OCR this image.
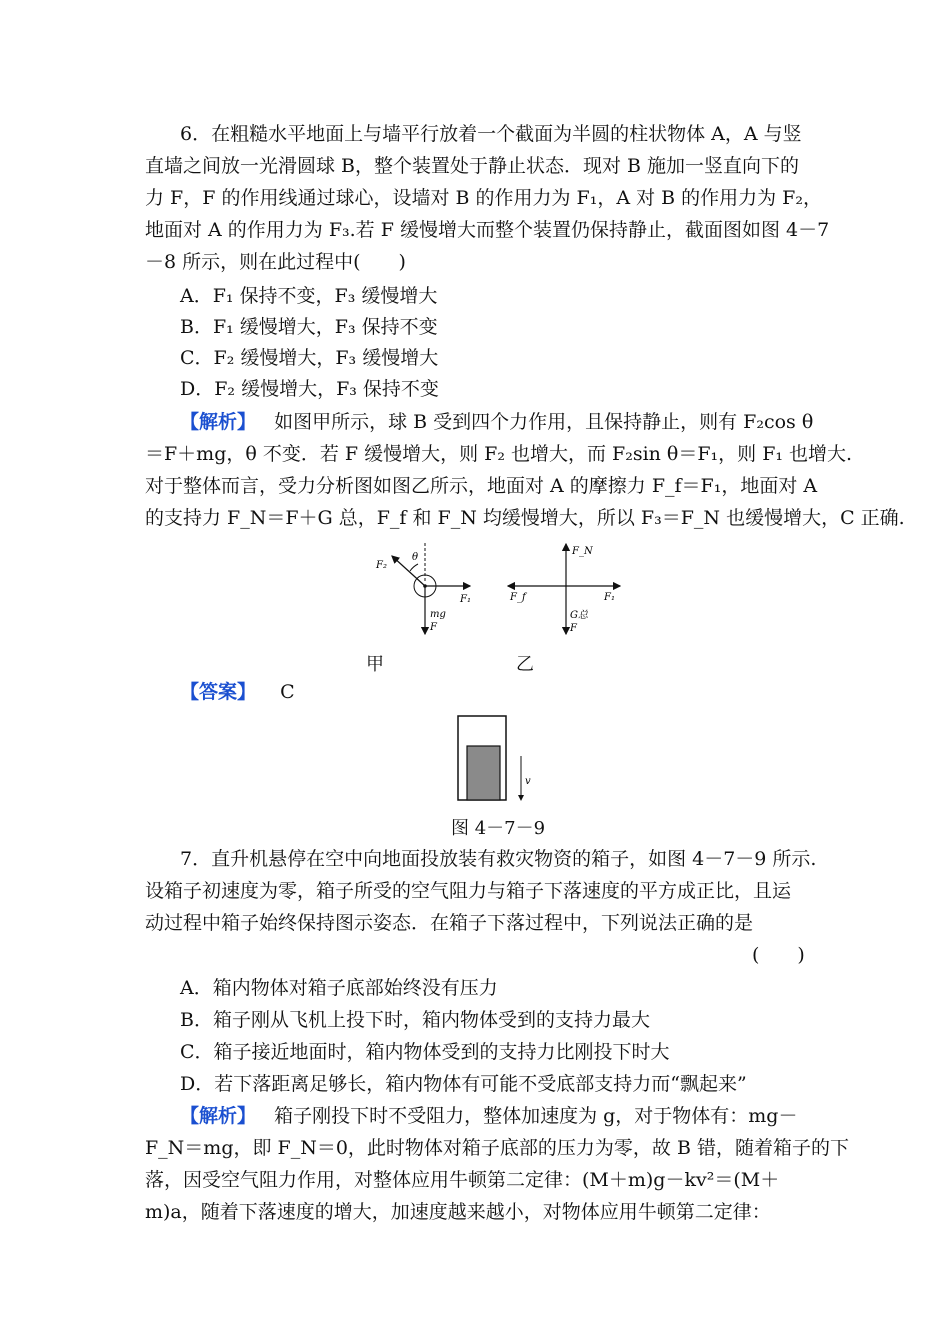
6．在粗糙水平地面上与墙平行放着一个截面为半圆的柱状物体 A，A 与竖
直墙之间放一光滑圆球 B，整个装置处于静止状态．现对 B 施加一竖直向下的
力 F，F 的作用线通过球心，设墙对 B 的作用力为 F₁，A 对 B 的作用力为 F₂，
地面对 A 的作用力为 F₃.若 F 缓慢增大而整个装置仍保持静止，截面图如图 4－7
－8 所示，则在此过程中(　　)
A．F₁ 保持不变，F₃ 缓慢增大
B．F₁ 缓慢增大，F₃ 保持不变
C．F₂ 缓慢增大，F₃ 缓慢增大
D．F₂ 缓慢增大，F₃ 保持不变
【解析】 如图甲所示，球 B 受到四个力作用，且保持静止，则有 F₂cos θ
＝F＋mg，θ 不变．若 F 缓慢增大，则 F₂ 也增大，而 F₂sin θ＝F₁，则 F₁ 也增大.
对于整体而言，受力分析图如图乙所示，地面对 A 的摩擦力 F_f＝F₁，地面对 A
的支持力 F_N＝F＋G 总，F_f 和 F_N 均缓慢增大，所以 F₃＝F_N 也缓慢增大，C 正确.
F₂
θ
F₁
mg
F
甲
F_N
F_f	F₁
G总
F
乙
【答案】 C
v
图 4－7－9
7．直升机悬停在空中向地面投放装有救灾物资的箱子，如图 4－7－9 所示.
设箱子初速度为零，箱子所受的空气阻力与箱子下落速度的平方成正比，且运
动过程中箱子始终保持图示姿态．在箱子下落过程中，下列说法正确的是
(　　)
A．箱内物体对箱子底部始终没有压力
B．箱子刚从飞机上投下时，箱内物体受到的支持力最大
C．箱子接近地面时，箱内物体受到的支持力比刚投下时大
D．若下落距离足够长，箱内物体有可能不受底部支持力而“飘起来”
【解析】 箱子刚投下时不受阻力，整体加速度为 g，对于物体有：mg－
F_N＝mg，即 F_N＝0，此时物体对箱子底部的压力为零，故 B 错，随着箱子的下
落，因受空气阻力作用，对整体应用牛顿第二定律：(M＋m)g－kv²＝(M＋
m)a，随着下落速度的增大，加速度越来越小，对物体应用牛顿第二定律：
